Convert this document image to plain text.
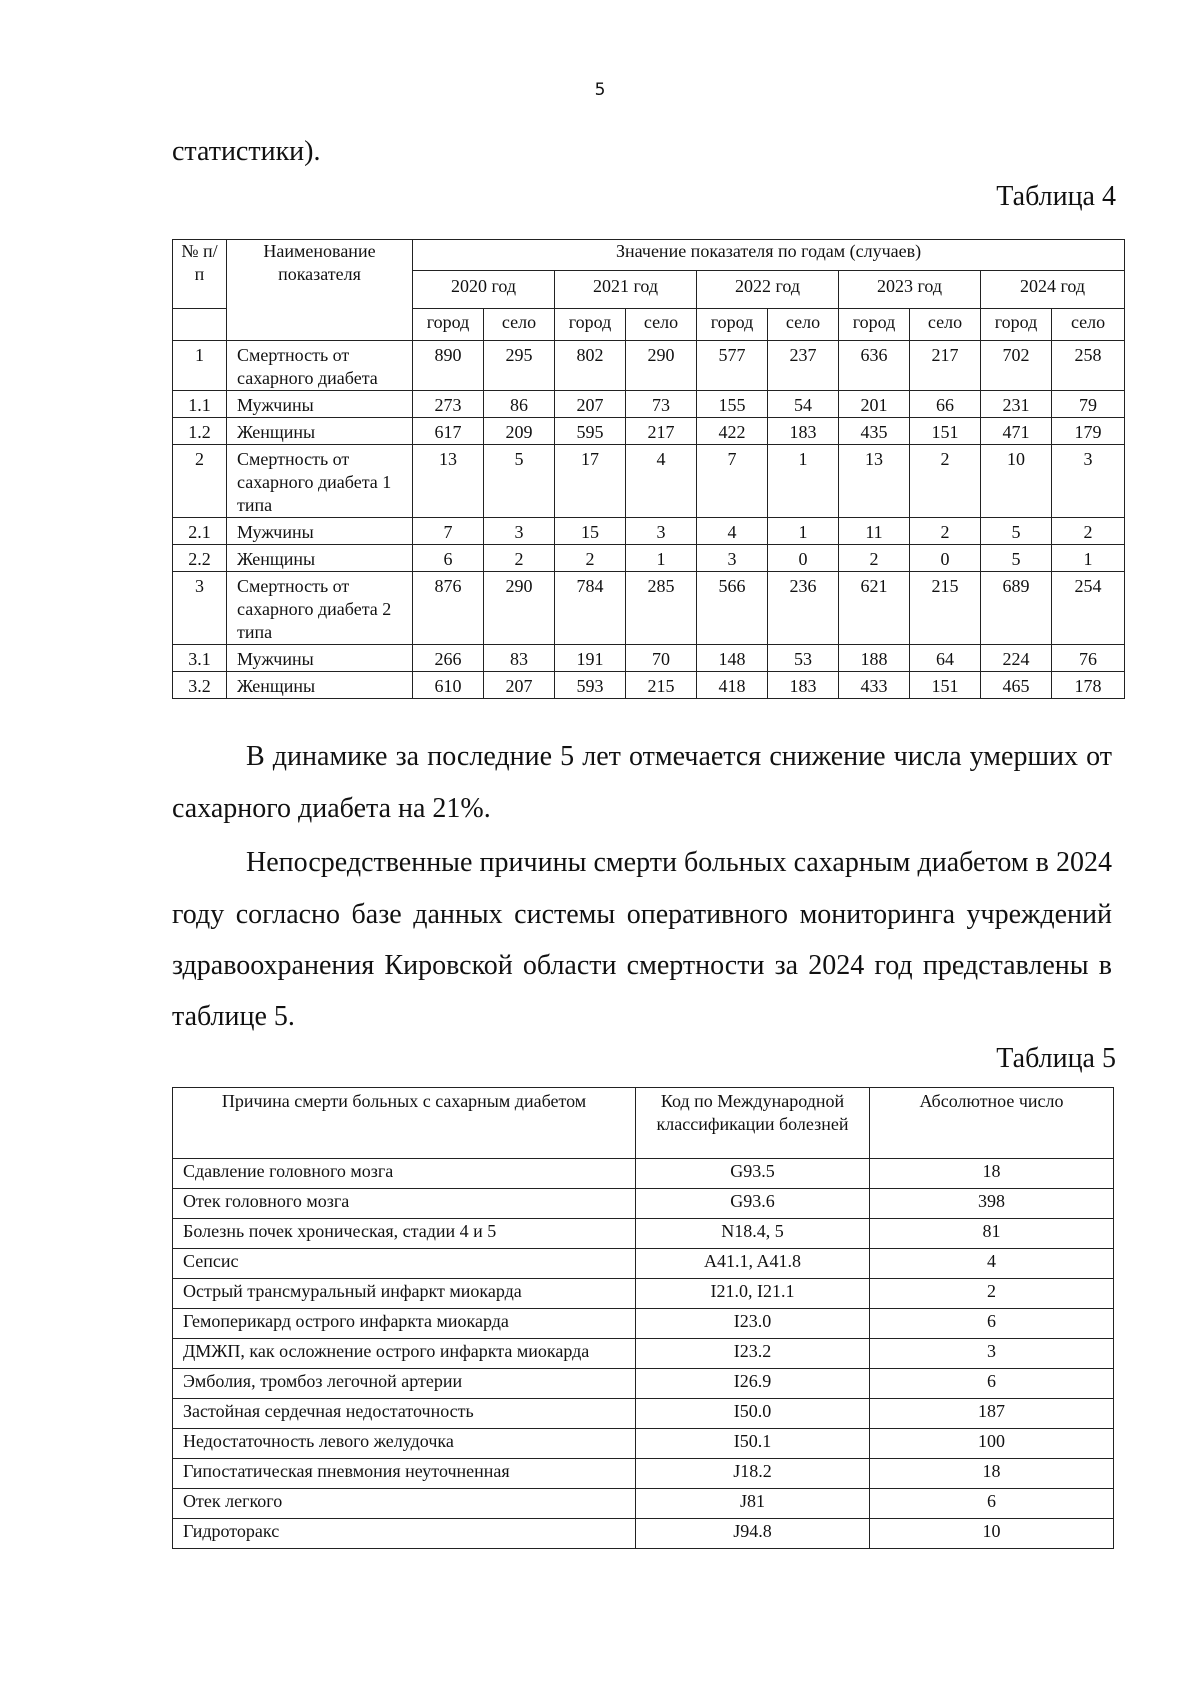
5

статистики).

Таблица 4

№ п/п	Наименование показателя	Значение показателя по годам (случаев)									
		2020 год		2021 год		2022 год		2023 год		2024 год	
		город	село	город	село	город	село	город	село	город	село
1	Смертность от сахарного диабета	890	295	802	290	577	237	636	217	702	258
1.1	Мужчины	273	86	207	73	155	54	201	66	231	79
1.2	Женщины	617	209	595	217	422	183	435	151	471	179
2	Смертность от сахарного диабета 1 типа	13	5	17	4	7	1	13	2	10	3
2.1	Мужчины	7	3	15	3	4	1	11	2	5	2
2.2	Женщины	6	2	2	1	3	0	2	0	5	1
3	Смертность от сахарного диабета 2 типа	876	290	784	285	566	236	621	215	689	254
3.1	Мужчины	266	83	191	70	148	53	188	64	224	76
3.2	Женщины	610	207	593	215	418	183	433	151	465	178

В динамике за последние 5 лет отмечается снижение числа умерших от

сахарного диабета на 21%.

Непосредственные причины смерти больных сахарным диабетом в 2024

году согласно базе данных системы оперативного мониторинга учреждений

здравоохранения Кировской области смертности за 2024 год представлены в

таблице 5.

Таблица 5

Причина смерти больных с сахарным диабетом	Код по Международной классификации болезней	Абсолютное число
Сдавление головного мозга	G93.5	18
Отек головного мозга	G93.6	398
Болезнь почек хроническая, стадии 4 и 5	N18.4, 5	81
Сепсис	A41.1, A41.8	4
Острый трансмуральный инфаркт миокарда	I21.0, I21.1	2
Гемоперикард острого инфаркта миокарда	I23.0	6
ДМЖП, как осложнение острого инфаркта миокарда	I23.2	3
Эмболия, тромбоз легочной артерии	I26.9	6
Застойная сердечная недостаточность	I50.0	187
Недостаточность левого желудочка	I50.1	100
Гипостатическая пневмония неуточненная	J18.2	18
Отек легкого	J81	6
Гидроторакс	J94.8	10
